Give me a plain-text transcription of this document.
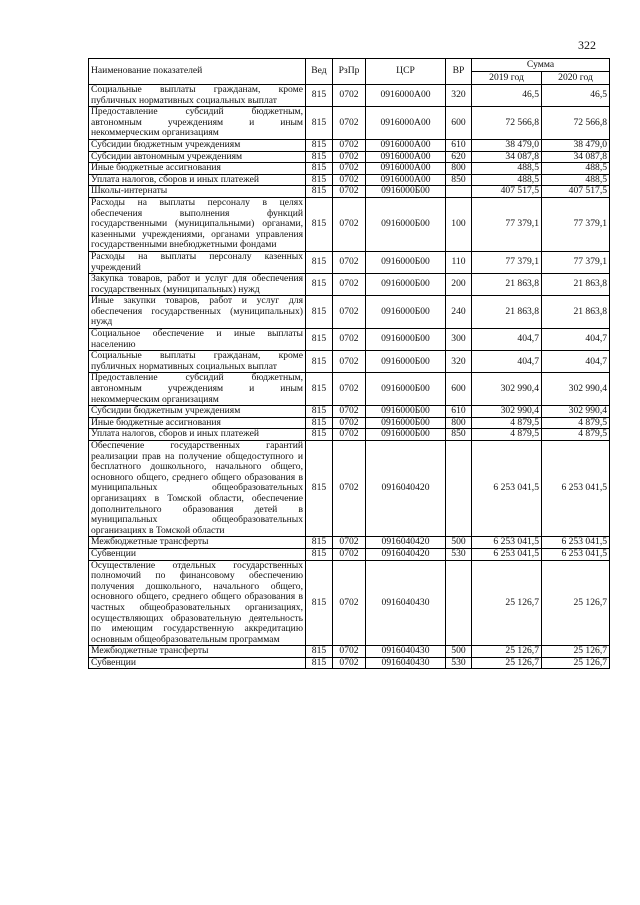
322
Наименование показателей	Вед	РзПр	ЦСР	ВР	Сумма	
					2019 год	2020 год
Социальные выплаты гражданам, кроме публичных нормативных социальных выплат	815	0702	0916000А00	320	46,5	46,5
Предоставление субсидий бюджетным, автономным учреждениям и иным некоммерческим организациям	815	0702	0916000А00	600	72 566,8	72 566,8
Субсидии бюджетным учреждениям	815	0702	0916000А00	610	38 479,0	38 479,0
Субсидии автономным учреждениям	815	0702	0916000А00	620	34 087,8	34 087,8
Иные бюджетные ассигнования	815	0702	0916000А00	800	488,5	488,5
Уплата налогов, сборов и иных платежей	815	0702	0916000А00	850	488,5	488,5
Школы-интернаты	815	0702	0916000Б00		407 517,5	407 517,5
Расходы на выплаты персоналу в целях обеспечения выполнения функций государственными (муниципальными) органами, казенными учреждениями, органами управления государственными внебюджетными фондами	815	0702	0916000Б00	100	77 379,1	77 379,1
Расходы на выплаты персоналу казенных учреждений	815	0702	0916000Б00	110	77 379,1	77 379,1
Закупка товаров, работ и услуг для обеспечения государственных (муниципальных) нужд	815	0702	0916000Б00	200	21 863,8	21 863,8
Иные закупки товаров, работ и услуг для обеспечения государственных (муниципальных) нужд	815	0702	0916000Б00	240	21 863,8	21 863,8
Социальное обеспечение и иные выплаты населению	815	0702	0916000Б00	300	404,7	404,7
Социальные выплаты гражданам, кроме публичных нормативных социальных выплат	815	0702	0916000Б00	320	404,7	404,7
Предоставление субсидий бюджетным, автономным учреждениям и иным некоммерческим организациям	815	0702	0916000Б00	600	302 990,4	302 990,4
Субсидии бюджетным учреждениям	815	0702	0916000Б00	610	302 990,4	302 990,4
Иные бюджетные ассигнования	815	0702	0916000Б00	800	4 879,5	4 879,5
Уплата налогов, сборов и иных платежей	815	0702	0916000Б00	850	4 879,5	4 879,5
Обеспечение государственных гарантий реализации прав на получение общедоступного и бесплатного дошкольного, начального общего, основного общего, среднего общего образования в муниципальных общеобразовательных организациях в Томской области, обеспечение дополнительного образования детей в муниципальных общеобразовательных организациях в Томской области	815	0702	0916040420		6 253 041,5	6 253 041,5
Межбюджетные трансферты	815	0702	0916040420	500	6 253 041,5	6 253 041,5
Субвенции	815	0702	0916040420	530	6 253 041,5	6 253 041,5
Осуществление отдельных государственных полномочий по финансовому обеспечению получения дошкольного, начального общего, основного общего, среднего общего образования в частных общеобразовательных организациях, осуществляющих образовательную деятельность по имеющим государственную аккредитацию основным общеобразовательным программам	815	0702	0916040430		25 126,7	25 126,7
Межбюджетные трансферты	815	0702	0916040430	500	25 126,7	25 126,7
Субвенции	815	0702	0916040430	530	25 126,7	25 126,7
